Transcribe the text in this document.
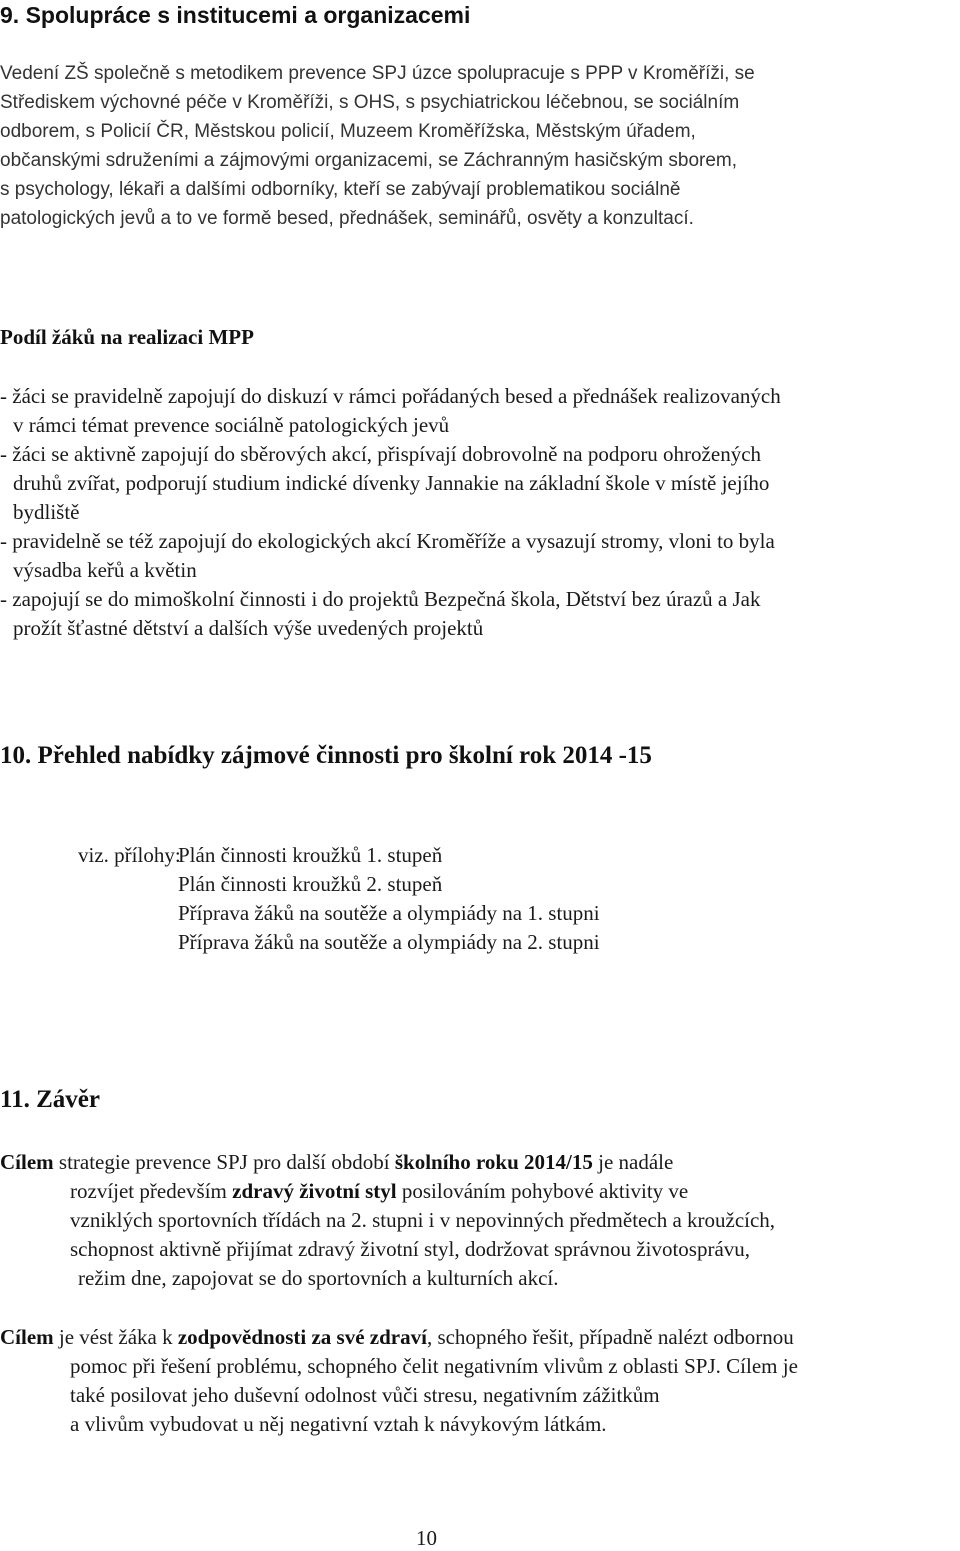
9. Spolupráce s institucemi a organizacemi
Vedení ZŠ společně s metodikem prevence SPJ úzce spolupracuje s PPP v Kroměříži, se
Střediskem výchovné péče v Kroměříži, s OHS, s psychiatrickou léčebnou, se sociálním
odborem, s Policií ČR, Městskou policií, Muzeem Kroměřížska, Městským úřadem,
občanskými sdruženími a zájmovými organizacemi, se Záchranným hasičským sborem,
s psychology, lékaři a dalšími odborníky, kteří se zabývají problematikou sociálně
patologických jevů a to ve formě besed, přednášek, seminářů, osvěty a konzultací.
Podíl žáků na realizaci MPP
- žáci se pravidelně zapojují do diskuzí v rámci pořádaných besed a přednášek realizovaných
v rámci témat prevence sociálně patologických jevů
- žáci se aktivně zapojují do sběrových akcí, přispívají dobrovolně na podporu ohrožených
druhů zvířat, podporují studium indické dívenky Jannakie na základní škole v místě jejího
bydliště
- pravidelně se též zapojují do ekologických akcí Kroměříže a vysazují stromy, vloni to byla
výsadba keřů a květin
- zapojují se do mimoškolní činnosti i do projektů Bezpečná škola, Dětství bez úrazů a Jak
prožít šťastné dětství a dalších výše uvedených projektů
10. Přehled nabídky zájmové činnosti pro školní rok 2014 -15
viz. přílohy:
Plán činnosti kroužků 1. stupeň
Plán činnosti kroužků 2. stupeň
Příprava žáků na soutěže a olympiády na 1. stupni
Příprava žáků na soutěže a olympiády na 2. stupni
11. Závěr
Cílem strategie prevence SPJ pro další období školního roku 2014/15 je nadále
rozvíjet především zdravý životní styl posilováním pohybové aktivity ve
vzniklých sportovních třídách na 2. stupni i v nepovinných předmětech a kroužcích,
schopnost aktivně přijímat zdravý životní styl, dodržovat správnou životosprávu,
režim dne, zapojovat se do sportovních a kulturních akcí.
Cílem je vést žáka k zodpovědnosti za své zdraví, schopného řešit, případně nalézt odbornou
pomoc při řešení problému, schopného čelit negativním vlivům z oblasti SPJ. Cílem je
také posilovat jeho duševní odolnost vůči stresu, negativním zážitkům
a vlivům vybudovat u něj negativní vztah k návykovým látkám.
10
